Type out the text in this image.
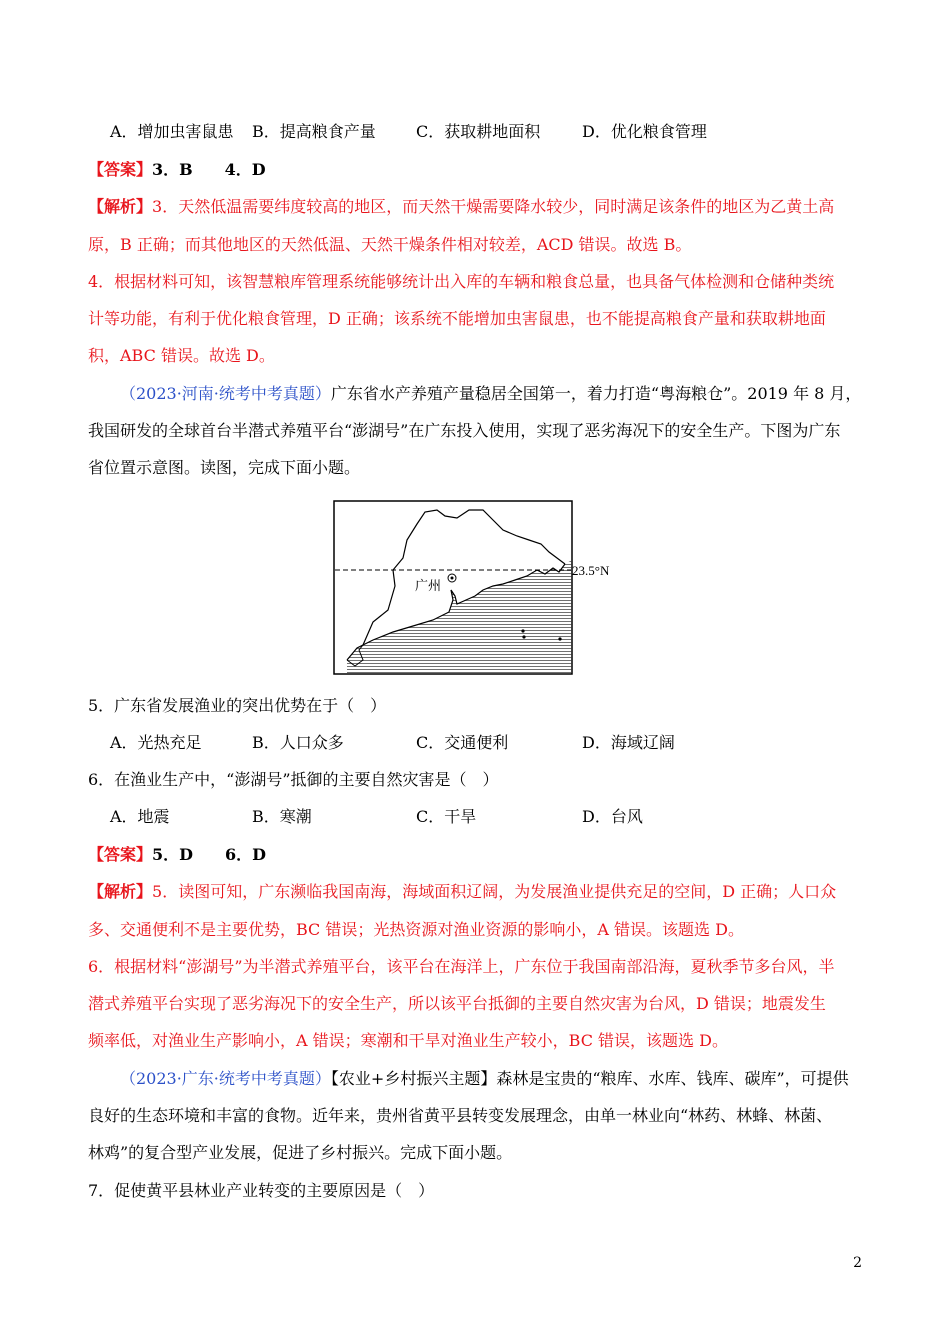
A．增加虫害鼠患 B．提高粮食产量	C．获取耕地面积	D．优化粮食管理
【答案】3．B　　4．D
【解析】3．天然低温需要纬度较高的地区，而天然干燥需要降水较少，同时满足该条件的地区为乙黄土高
原，B 正确；而其他地区的天然低温、天然干燥条件相对较差，ACD 错误。故选 B。
4．根据材料可知，该智慧粮库管理系统能够统计出入库的车辆和粮食总量，也具备气体检测和仓储种类统
计等功能，有利于优化粮食管理，D 正确；该系统不能增加虫害鼠患，也不能提高粮食产量和获取耕地面
积，ABC 错误。故选 D。
（2023·河南·统考中考真题）广东省水产养殖产量稳居全国第一，着力打造“粤海粮仓”。2019 年 8 月，
我国研发的全球首台半潜式养殖平台“澎湖号”在广东投入使用，实现了恶劣海况下的安全生产。下图为广东
省位置示意图。读图，完成下面小题。
广州
23.5°N
5．广东省发展渔业的突出优势在于（　）
A．光热充足	B．人口众多	C．交通便利	D．海域辽阔
6．在渔业生产中，“澎湖号”抵御的主要自然灾害是（　）
A．地震	B．寒潮	C．干旱	D．台风
【答案】5．D　　6．D
【解析】5．读图可知，广东濒临我国南海，海域面积辽阔，为发展渔业提供充足的空间，D 正确；人口众
多、交通便利不是主要优势，BC 错误；光热资源对渔业资源的影响小，A 错误。该题选 D。
6．根据材料“澎湖号”为半潜式养殖平台，该平台在海洋上，广东位于我国南部沿海，夏秋季节多台风，半
潜式养殖平台实现了恶劣海况下的安全生产，所以该平台抵御的主要自然灾害为台风，D 错误；地震发生
频率低，对渔业生产影响小，A 错误；寒潮和干旱对渔业生产较小，BC 错误，该题选 D。
（2023·广东·统考中考真题）【农业+乡村振兴主题】森林是宝贵的“粮库、水库、钱库、碳库”，可提供
良好的生态环境和丰富的食物。近年来，贵州省黄平县转变发展理念，由单一林业向“林药、林蜂、林菌、
林鸡”的复合型产业发展，促进了乡村振兴。完成下面小题。
7．促使黄平县林业产业转变的主要原因是（　）
2
